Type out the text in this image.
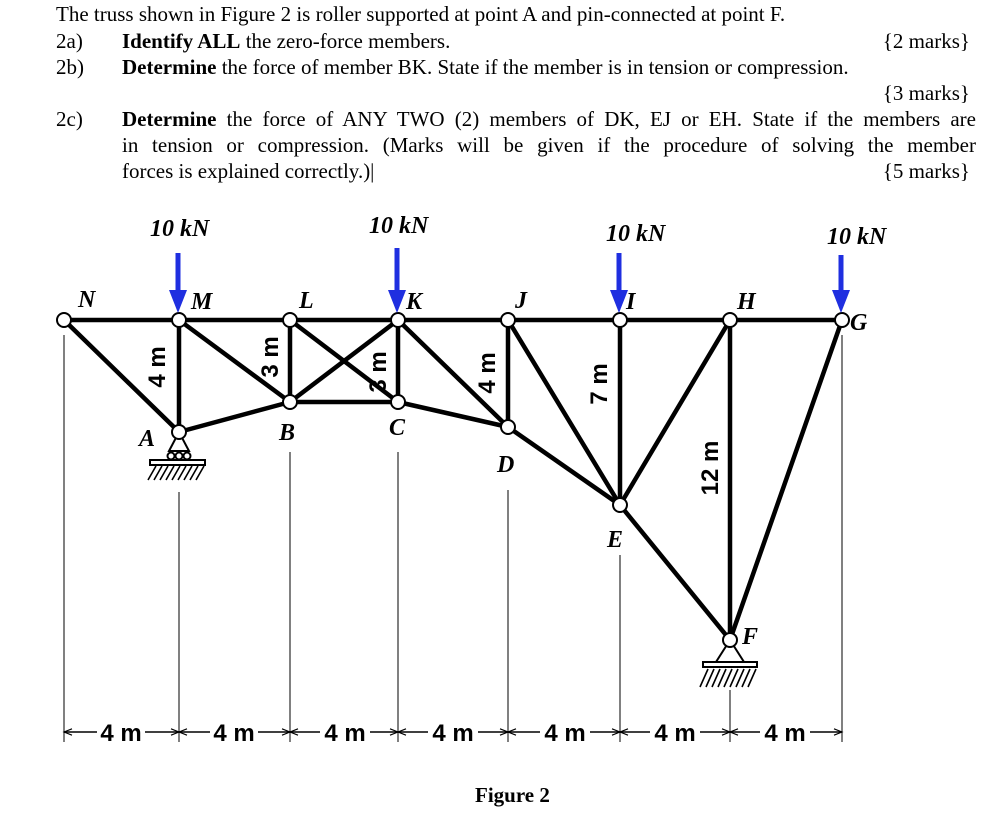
The truss shown in Figure 2 is roller supported at point A and pin-connected at point F.
2a) Identify ALL the zero-force members.	{2 marks}
2b) Determine the force of member BK. State if the member is in tension or compression.
{3 marks}
2c) Determine the force of ANY TWO (2) members of DK, EJ or EH. State if the members are
in tension or compression. (Marks will be given if the procedure of solving the member
forces is explained correctly.)|	{5 marks}
10 kN	10 kN	10 kN	10 kN
N	M	L	K	J	I	H
G
A	B	C
D
E
F
4 m	3 m	3 m	4 m	7 m
12 m
4 m	4 m	4 m	4 m	4 m	4 m	4 m
Figure 2
